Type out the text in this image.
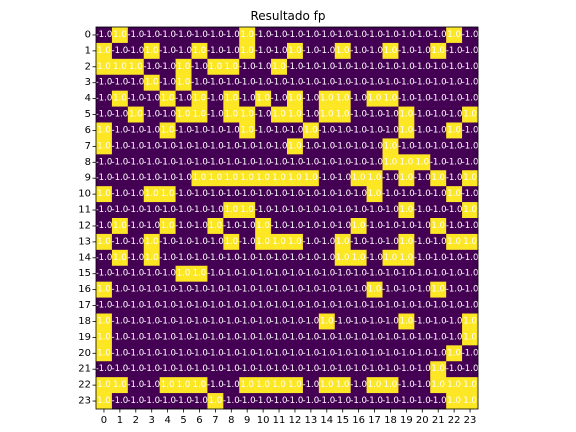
Resultado fp
-1.0 1.0 -1.0 -1.0 -1.0 -1.0 -1.0 -1.0 -1.0 1.0 -1.0 -1.0 -1.0 -1.0 -1.0 -1.0 -1.0 -1.0 -1.0 -1.0 -1.0 -1.0 1.0 -1.0
1.0 -1.0 -1.0 1.0 -1.0 -1.0 1.0 -1.0 -1.0 1.0 -1.0 -1.0 1.0 -1.0 -1.0 1.0 -1.0 -1.0 1.0 -1.0 -1.0 1.0 -1.0 -1.0
1.0 1.0 1.0 -1.0 -1.0 1.0 -1.0 1.0 1.0 -1.0 -1.0 1.0 -1.0 -1.0 -1.0 -1.0 -1.0 -1.0 -1.0 -1.0 -1.0 -1.0 -1.0 -1.0
-1.0 -1.0 -1.0 1.0 -1.0 1.0 -1.0 -1.0 -1.0 -1.0 -1.0 -1.0 -1.0 -1.0 -1.0 -1.0 -1.0 -1.0 -1.0 -1.0 -1.0 -1.0 -1.0 -1.0
-1.0 1.0 -1.0 -1.0 1.0 -1.0 1.0 -1.0 1.0 -1.0 1.0 -1.0 1.0 -1.0 1.0 1.0 -1.0 1.0 1.0 -1.0 -1.0 -1.0 -1.0 -1.0
-1.0 -1.0 1.0 -1.0 -1.0 1.0 1.0 -1.0 1.0 1.0 -1.0 1.0 1.0 -1.0 1.0 1.0 -1.0 -1.0 -1.0 1.0 -1.0 -1.0 -1.0 1.0
1.0 -1.0 -1.0 -1.0 1.0 -1.0 -1.0 -1.0 -1.0 1.0 -1.0 -1.0 -1.0 1.0 -1.0 -1.0 -1.0 -1.0 -1.0 1.0 -1.0 -1.0 1.0 -1.0
1.0 -1.0 -1.0 -1.0 -1.0 -1.0 -1.0 -1.0 -1.0 -1.0 -1.0 -1.0 1.0 -1.0 -1.0 -1.0 -1.0 -1.0 1.0 -1.0 -1.0 -1.0 -1.0 -1.0
-1.0 -1.0 -1.0 -1.0 -1.0 -1.0 -1.0 -1.0 -1.0 -1.0 -1.0 -1.0 -1.0 -1.0 -1.0 -1.0 -1.0 -1.0 1.0 1.0 1.0 -1.0 -1.0 -1.0
-1.0 -1.0 -1.0 -1.0 -1.0 -1.0 1.0 1.0 1.0 1.0 1.0 1.0 1.0 1.0 -1.0 -1.0 1.0 1.0 -1.0 1.0 -1.0 1.0 -1.0 1.0
1.0 -1.0 -1.0 1.0 1.0 -1.0 -1.0 -1.0 -1.0 -1.0 -1.0 -1.0 -1.0 -1.0 -1.0 -1.0 -1.0 1.0 -1.0 -1.0 -1.0 -1.0 1.0 -1.0
-1.0 -1.0 -1.0 -1.0 -1.0 -1.0 -1.0 -1.0 1.0 1.0 -1.0 -1.0 -1.0 -1.0 -1.0 -1.0 -1.0 -1.0 -1.0 1.0 -1.0 -1.0 -1.0 1.0
-1.0 1.0 -1.0 -1.0 1.0 -1.0 -1.0 1.0 -1.0 -1.0 1.0 -1.0 -1.0 -1.0 -1.0 -1.0 1.0 -1.0 -1.0 -1.0 -1.0 1.0 -1.0 -1.0
1.0 -1.0 -1.0 1.0 -1.0 -1.0 -1.0 -1.0 1.0 -1.0 1.0 1.0 1.0 -1.0 -1.0 1.0 -1.0 -1.0 -1.0 1.0 -1.0 -1.0 1.0 1.0
-1.0 1.0 -1.0 1.0 -1.0 -1.0 -1.0 -1.0 -1.0 -1.0 -1.0 -1.0 -1.0 -1.0 -1.0 1.0 1.0 -1.0 1.0 1.0 -1.0 -1.0 -1.0 -1.0
-1.0 -1.0 -1.0 -1.0 -1.0 1.0 1.0 -1.0 -1.0 -1.0 -1.0 -1.0 -1.0 -1.0 -1.0 -1.0 -1.0 -1.0 -1.0 -1.0 -1.0 -1.0 -1.0 -1.0
1.0 -1.0 -1.0 -1.0 -1.0 -1.0 -1.0 -1.0 -1.0 -1.0 -1.0 -1.0 -1.0 -1.0 -1.0 -1.0 -1.0 1.0 -1.0 -1.0 -1.0 1.0 -1.0 -1.0
-1.0 -1.0 -1.0 -1.0 -1.0 -1.0 -1.0 -1.0 -1.0 -1.0 -1.0 -1.0 -1.0 -1.0 -1.0 -1.0 -1.0 -1.0 -1.0 -1.0 -1.0 -1.0 -1.0 -1.0
1.0 -1.0 -1.0 -1.0 -1.0 -1.0 -1.0 -1.0 -1.0 -1.0 -1.0 -1.0 -1.0 -1.0 1.0 -1.0 -1.0 -1.0 -1.0 1.0 -1.0 -1.0 -1.0 1.0
1.0 -1.0 -1.0 -1.0 -1.0 -1.0 -1.0 -1.0 -1.0 -1.0 -1.0 -1.0 -1.0 -1.0 -1.0 -1.0 -1.0 -1.0 -1.0 -1.0 -1.0 -1.0 -1.0 1.0
1.0 -1.0 -1.0 -1.0 -1.0 -1.0 -1.0 -1.0 -1.0 -1.0 -1.0 -1.0 -1.0 -1.0 -1.0 -1.0 -1.0 -1.0 -1.0 -1.0 -1.0 -1.0 1.0 -1.0
-1.0 -1.0 -1.0 -1.0 -1.0 -1.0 -1.0 -1.0 -1.0 -1.0 -1.0 -1.0 -1.0 -1.0 -1.0 -1.0 -1.0 -1.0 -1.0 -1.0 -1.0 1.0 -1.0 -1.0
1.0 1.0 -1.0 -1.0 1.0 1.0 1.0 -1.0 -1.0 1.0 1.0 1.0 1.0 -1.0 1.0 1.0 -1.0 1.0 1.0 -1.0 -1.0 1.0 1.0 1.0
1.0 -1.0 -1.0 -1.0 -1.0 -1.0 -1.0 1.0 -1.0 -1.0 -1.0 -1.0 -1.0 -1.0 -1.0 -1.0 -1.0 -1.0 -1.0 -1.0 -1.0 -1.0 1.0 1.0
0 1 2 3 4 5 6 7 8 9 10 11 12 13 14 15 16 17 18 19 20 21 22 23
0
1
2
3
4
5
6
7
8
9
10
11
12
13
14
15
16
17
18
19
20
21
22
23
